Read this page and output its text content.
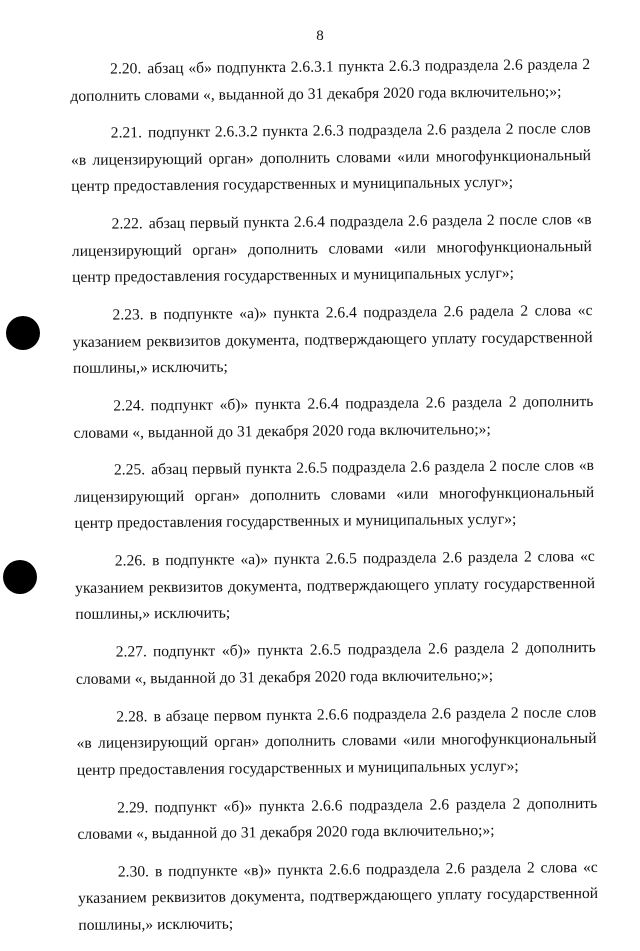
8

2.20. абзац «б» подпункта 2.6.3.1 пункта 2.6.3 подраздела 2.6 раздела 2 дополнить словами «, выданной до 31 декабря 2020 года включительно;»;

2.21. подпункт 2.6.3.2 пункта 2.6.3 подраздела 2.6 раздела 2 после слов «в лицензирующий орган» дополнить словами «или многофункциональный центр предоставления государственных и муниципальных услуг»;

2.22. абзац первый пункта 2.6.4 подраздела 2.6 раздела 2 после слов «в лицензирующий орган» дополнить словами «или многофункциональный центр предоставления государственных и муниципальных услуг»;

2.23. в подпункте «а)» пункта 2.6.4 подраздела 2.6 радела 2 слова «с указанием реквизитов документа, подтверждающего уплату государственной пошлины,» исключить;

2.24. подпункт «б)» пункта 2.6.4 подраздела 2.6 раздела 2 дополнить словами «, выданной до 31 декабря 2020 года включительно;»;

2.25. абзац первый пункта 2.6.5 подраздела 2.6 раздела 2 после слов «в лицензирующий орган» дополнить словами «или многофункциональный центр предоставления государственных и муниципальных услуг»;

2.26. в подпункте «а)» пункта 2.6.5 подраздела 2.6 раздела 2 слова «с указанием реквизитов документа, подтверждающего уплату государственной пошлины,» исключить;

2.27. подпункт «б)» пункта 2.6.5 подраздела 2.6 раздела 2 дополнить словами «, выданной до 31 декабря 2020 года включительно;»;

2.28. в абзаце первом пункта 2.6.6 подраздела 2.6 раздела 2 после слов «в лицензирующий орган» дополнить словами «или многофункциональный центр предоставления государственных и муниципальных услуг»;

2.29. подпункт «б)» пункта 2.6.6 подраздела 2.6 раздела 2 дополнить словами «, выданной до 31 декабря 2020 года включительно;»;

2.30. в подпункте «в)» пункта 2.6.6 подраздела 2.6 раздела 2 слова «с указанием реквизитов документа, подтверждающего уплату государственной пошлины,» исключить;
